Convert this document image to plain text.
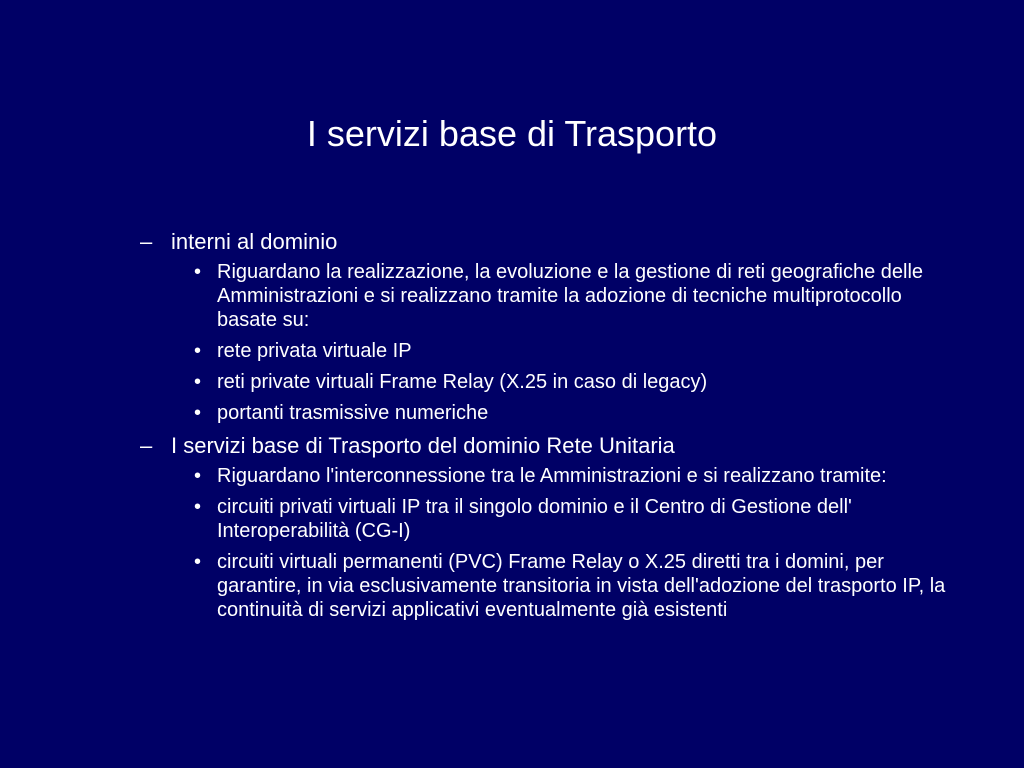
I servizi base di Trasporto
– interni al dominio
• Riguardano la realizzazione, la evoluzione e la gestione di reti geografiche delle Amministrazioni e si realizzano tramite la adozione di tecniche multiprotocollo basate su:
• rete privata virtuale IP
• reti private virtuali Frame Relay (X.25 in caso di legacy)
• portanti trasmissive numeriche
– I servizi base di Trasporto del dominio Rete Unitaria
• Riguardano l'interconnessione tra le Amministrazioni e si realizzano tramite:
• circuiti privati virtuali IP tra il singolo dominio e il Centro di Gestione dell' Interoperabilità (CG-I)
• circuiti virtuali permanenti (PVC) Frame Relay o X.25 diretti tra i domini, per garantire, in via esclusivamente transitoria in vista dell'adozione del trasporto IP, la continuità di servizi applicativi eventualmente già esistenti
